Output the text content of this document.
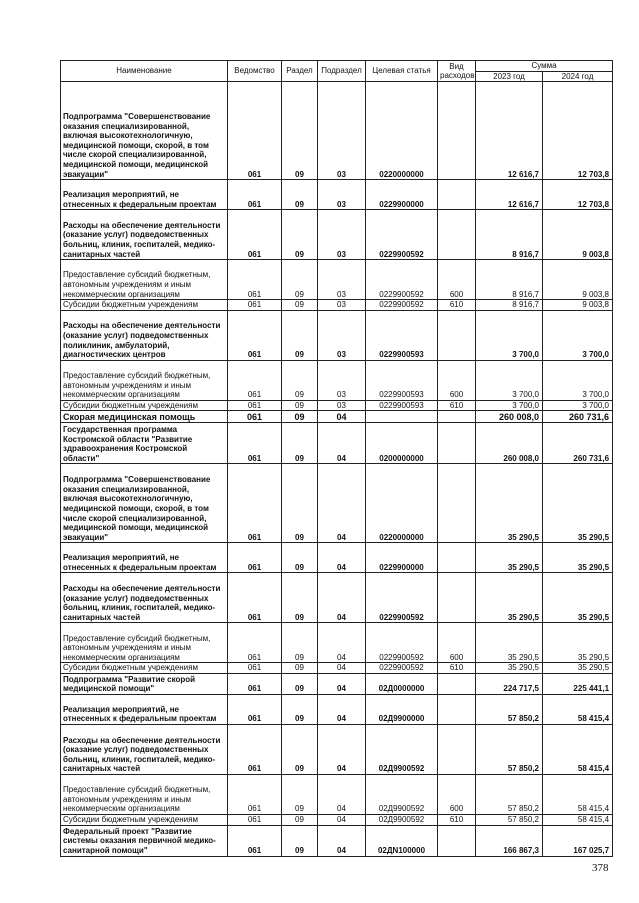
Наименование	Ведомство	Раздел	Подраздел	Целевая статья	Вид расходов	Сумма	
						2023 год	2024 год
Подпрограмма "Совершенствование оказания специализированной, включая высокотехнологичную, медицинской помощи, скорой, в том числе скорой специализированной, медицинской помощи, медицинской эвакуации"	061	09	03	0220000000		12 616,7	12 703,8
Реализация мероприятий, не отнесенных к федеральным проектам	061	09	03	0229900000		12 616,7	12 703,8
Расходы на обеспечение деятельности (оказание услуг) подведомственных больниц, клиник, госпиталей, медико-санитарных частей	061	09	03	0229900592		8 916,7	9 003,8
Предоставление субсидий бюджетным, автономным учреждениям и иным некоммерческим организациям	061	09	03	0229900592	600	8 916,7	9 003,8
Субсидии бюджетным учреждениям	061	09	03	0229900592	610	8 916,7	9 003,8
Расходы на обеспечение деятельности (оказание услуг) подведомственных поликлиник, амбулаторий, диагностических центров	061	09	03	0229900593		3 700,0	3 700,0
Предоставление субсидий бюджетным, автономным учреждениям и иным некоммерческим организациям	061	09	03	0229900593	600	3 700,0	3 700,0
Субсидии бюджетным учреждениям	061	09	03	0229900593	610	3 700,0	3 700,0
Скорая медицинская помощь	061	09	04			260 008,0	260 731,6
Государственная программа Костромской области "Развитие здравоохранения Костромской области"	061	09	04	0200000000		260 008,0	260 731,6
Подпрограмма "Совершенствование оказания специализированной, включая высокотехнологичную, медицинской помощи, скорой, в том числе скорой специализированной, медицинской помощи, медицинской эвакуации"	061	09	04	0220000000		35 290,5	35 290,5
Реализация мероприятий, не отнесенных к федеральным проектам	061	09	04	0229900000		35 290,5	35 290,5
Расходы на обеспечение деятельности (оказание услуг) подведомственных больниц, клиник, госпиталей, медико-санитарных частей	061	09	04	0229900592		35 290,5	35 290,5
Предоставление субсидий бюджетным, автономным учреждениям и иным некоммерческим организациям	061	09	04	0229900592	600	35 290,5	35 290,5
Субсидии бюджетным учреждениям	061	09	04	0229900592	610	35 290,5	35 290,5
Подпрограмма "Развитие скорой медицинской помощи"	061	09	04	02Д0000000		224 717,5	225 441,1
Реализация мероприятий, не отнесенных к федеральным проектам	061	09	04	02Д9900000		57 850,2	58 415,4
Расходы на обеспечение деятельности (оказание услуг) подведомственных больниц, клиник, госпиталей, медико-санитарных частей	061	09	04	02Д9900592		57 850,2	58 415,4
Предоставление субсидий бюджетным, автономным учреждениям и иным некоммерческим организациям	061	09	04	02Д9900592	600	57 850,2	58 415,4
Субсидии бюджетным учреждениям	061	09	04	02Д9900592	610	57 850,2	58 415,4
Федеральный проект "Развитие системы оказания первичной медико-санитарной помощи"	061	09	04	02ДN100000		166 867,3	167 025,7
378
